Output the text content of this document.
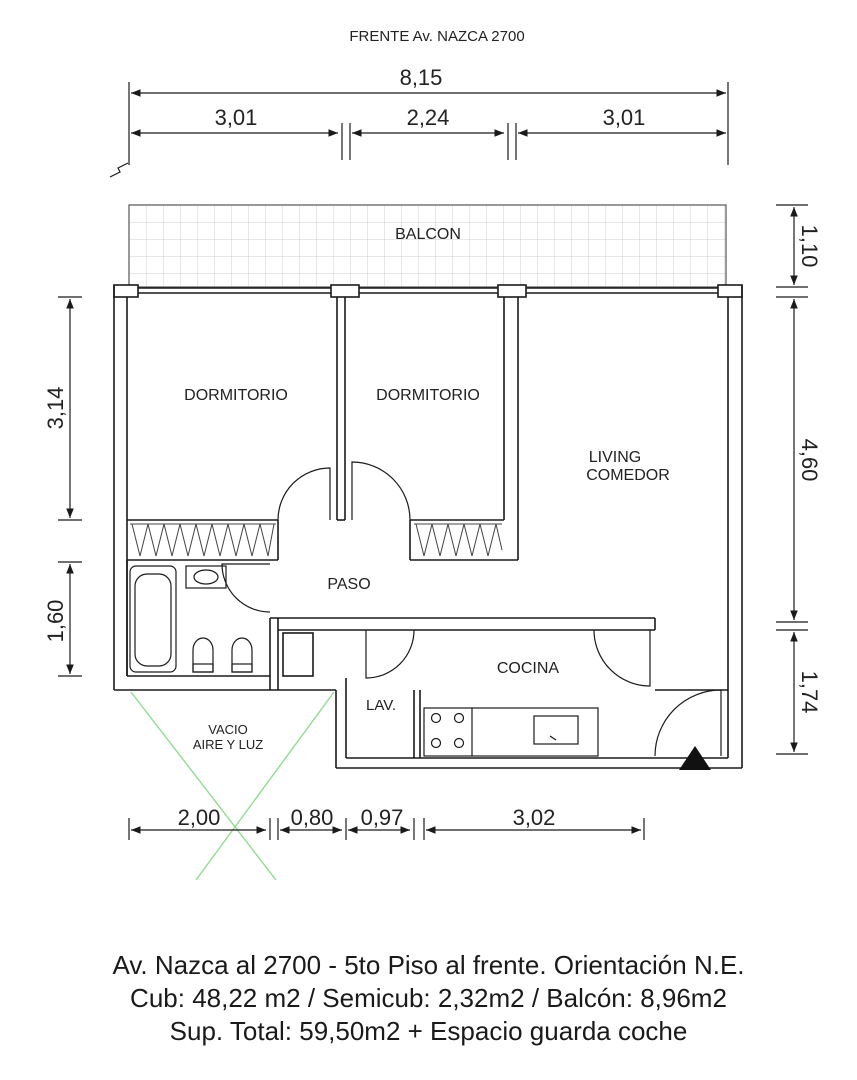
FRENTE Av. NAZCA 2700
8,15
3,01	2,24	3,01
BALCON
VACIO
AIRE Y LUZ
DORMITORIO	DORMITORIO
LIVING
COMEDOR
PASO
COCINA
LAV.
3,14
1,60
1,10
4,60
1,74
2,00	0,80 0,97	3,02
Av. Nazca al 2700 - 5to Piso al frente. Orientación N.E.
Cub: 48,22 m2 / Semicub: 2,32m2 / Balcón: 8,96m2
Sup. Total: 59,50m2 + Espacio guarda coche
